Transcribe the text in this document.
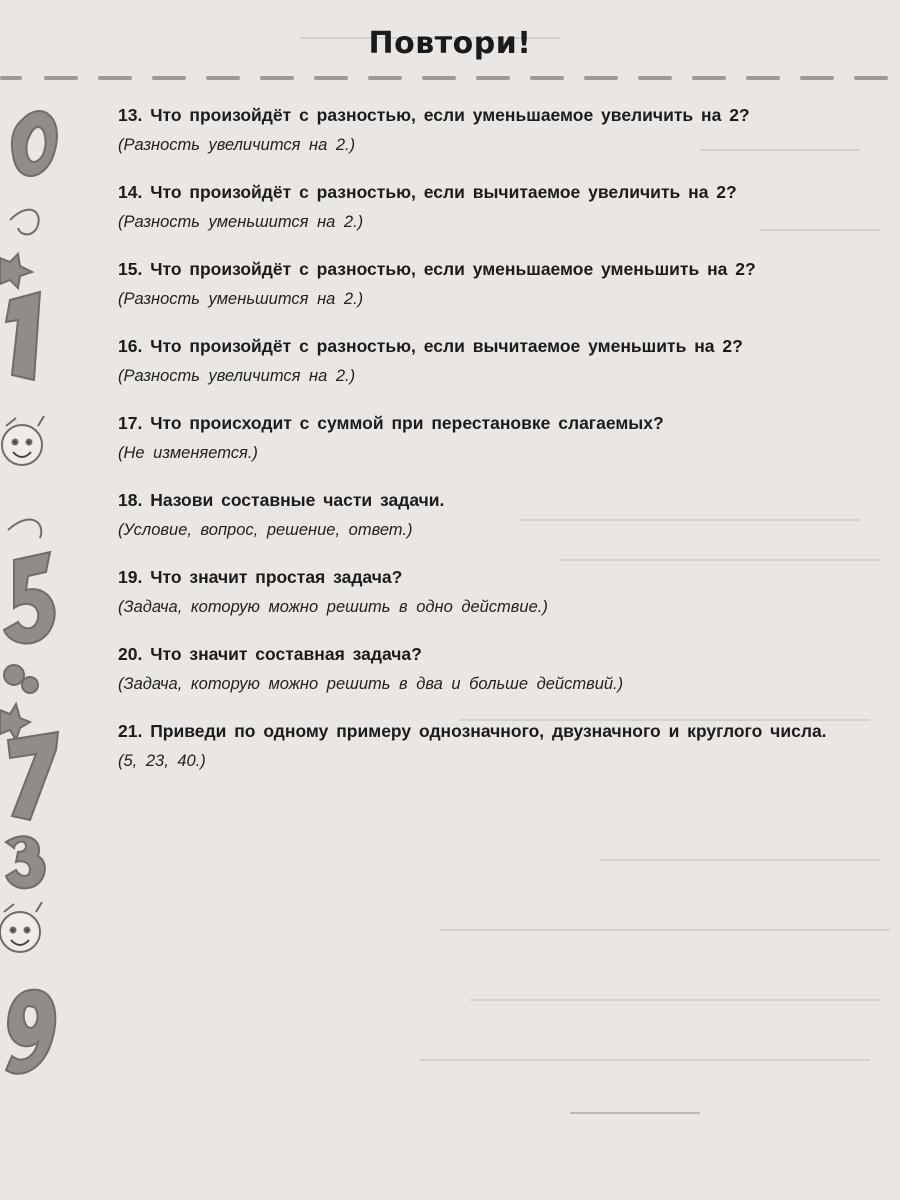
Повтори!
13. Что произойдёт с разностью, если уменьшаемое увеличить на 2?
(Разность увеличится на 2.)
14. Что произойдёт с разностью, если вычитаемое увеличить на 2?
(Разность уменьшится на 2.)
15. Что произойдёт с разностью, если уменьшаемое уменьшить на 2?
(Разность уменьшится на 2.)
16. Что произойдёт с разностью, если вычитаемое уменьшить на 2?
(Разность увеличится на 2.)
17. Что происходит с суммой при перестановке слагаемых?
(Не изменяется.)
18. Назови составные части задачи.
(Условие, вопрос, решение, ответ.)
19. Что значит простая задача?
(Задача, которую можно решить в одно действие.)
20. Что значит составная задача?
(Задача, которую можно решить в два и больше действий.)
21. Приведи по одному примеру однозначного, двузначного и круглого числа.
(5, 23, 40.)
